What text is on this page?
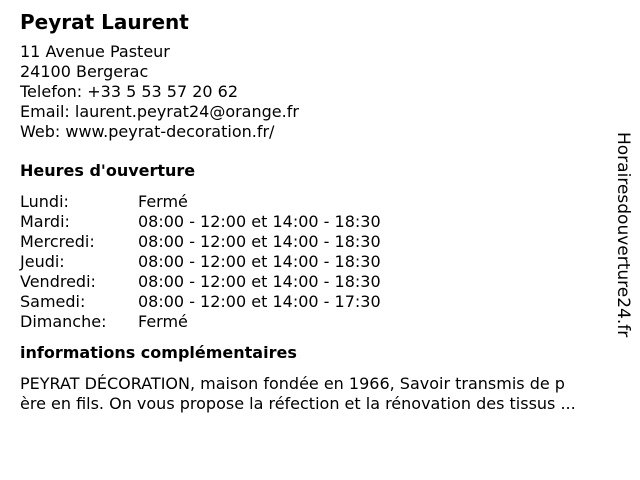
Peyrat Laurent
11 Avenue Pasteur
24100 Bergerac
Telefon: +33 5 53 57 20 62
Email: laurent.peyrat24@orange.fr
Web: www.peyrat-decoration.fr/
Heures d'ouverture
Lundi:	Fermé
Mardi:	08:00 - 12:00 et 14:00 - 18:30
Mercredi:	08:00 - 12:00 et 14:00 - 18:30
Jeudi:	08:00 - 12:00 et 14:00 - 18:30
Vendredi:	08:00 - 12:00 et 14:00 - 18:30
Samedi:	08:00 - 12:00 et 14:00 - 17:30
Dimanche:	Fermé
informations complémentaires
PEYRAT DÉCORATION, maison fondée en 1966, Savoir transmis de p
ère en fils. On vous propose la réfection et la rénovation des tissus ...
Horairesdouverture24.fr
